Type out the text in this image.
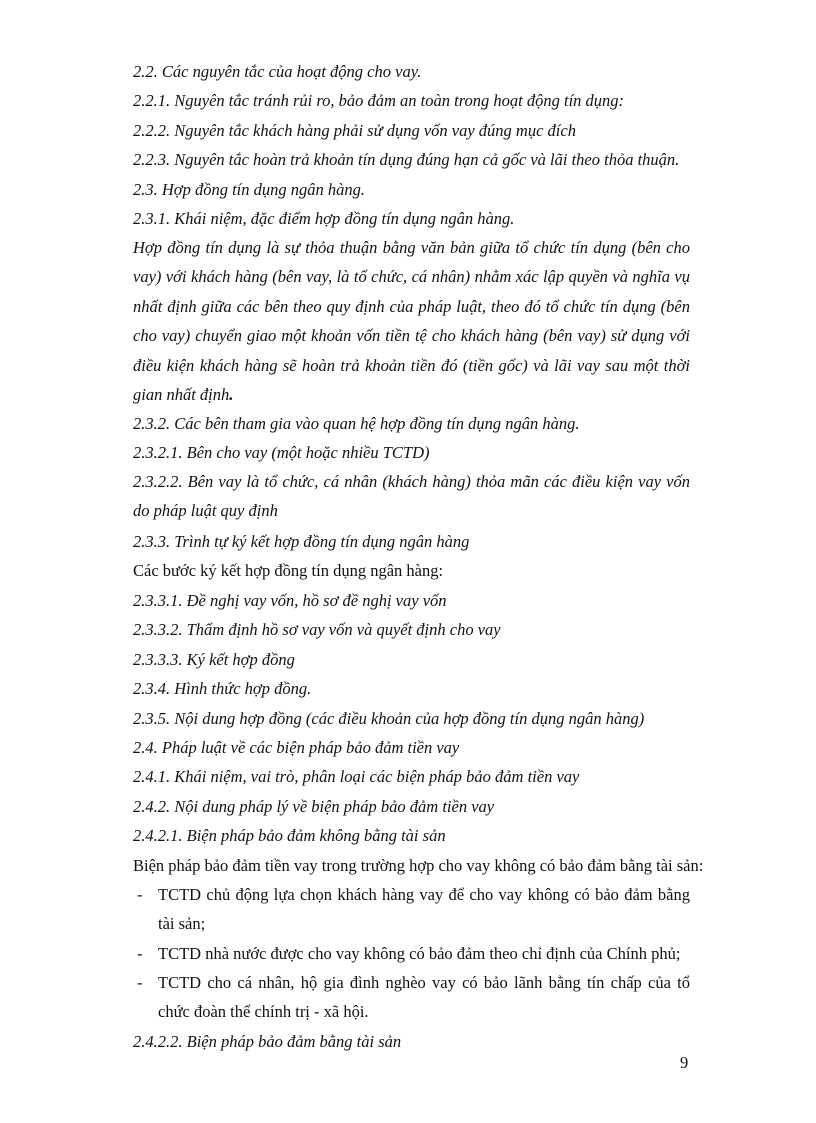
2.2. Các nguyên tắc của hoạt động cho vay.
2.2.1. Nguyên tắc tránh rủi ro, bảo đảm an toàn trong hoạt động tín dụng:
2.2.2. Nguyên tắc khách hàng phải sử dụng vốn vay đúng mục đích
2.2.3. Nguyên tắc hoàn trả khoản tín dụng đúng hạn cả gốc và lãi theo thỏa thuận.
2.3. Hợp đồng tín dụng ngân hàng.
2.3.1. Khái niệm, đặc điểm hợp đồng tín dụng ngân hàng.
Hợp đồng tín dụng là sự thỏa thuận bằng văn bản giữa tổ chức tín dụng (bên cho vay) với khách hàng (bên vay, là tổ chức, cá nhân) nhằm xác lập quyền và nghĩa vụ nhất định giữa các bên theo quy định của pháp luật, theo đó tổ chức tín dụng (bên cho vay) chuyển giao một khoản vốn tiền tệ cho khách hàng (bên vay) sử dụng với điều kiện khách hàng sẽ hoàn trả khoản tiền đó (tiền gốc) và lãi vay sau một thời gian nhất định.
2.3.2. Các bên tham gia vào quan hệ hợp đồng tín dụng ngân hàng.
2.3.2.1. Bên cho vay (một hoặc nhiều TCTD)
2.3.2.2. Bên vay là tổ chức, cá nhân (khách hàng) thỏa mãn các điều kiện vay vốn do pháp luật quy định
2.3.3. Trình tự ký kết hợp đồng tín dụng ngân hàng
Các bước ký kết hợp đồng tín dụng ngân hàng:
2.3.3.1. Đề nghị vay vốn, hồ sơ đề nghị vay vốn
2.3.3.2. Thẩm định hồ sơ vay vốn và quyết định cho vay
2.3.3.3. Ký kết hợp đồng
2.3.4. Hình thức hợp đồng.
2.3.5. Nội dung hợp đồng (các điều khoản của hợp đồng tín dụng ngân hàng)
2.4. Pháp luật về các biện pháp bảo đảm tiền vay
2.4.1. Khái niệm, vai trò, phân loại các biện pháp bảo đảm tiền vay
2.4.2. Nội dung pháp lý về biện pháp bảo đảm tiền vay
2.4.2.1. Biện pháp bảo đảm không bằng tài sản
Biện pháp bảo đảm tiền vay trong trường hợp cho vay không có bảo đảm bằng tài sản:
- TCTD chủ động lựa chọn khách hàng vay để cho vay không có bảo đảm bằng tài sản;
- TCTD nhà nước được cho vay không có bảo đảm theo chỉ định của Chính phủ;
- TCTD cho cá nhân, hộ gia đình nghèo vay có bảo lãnh bằng tín chấp của tổ chức đoàn thể chính trị - xã hội.
2.4.2.2. Biện pháp bảo đảm bằng tài sản
9
